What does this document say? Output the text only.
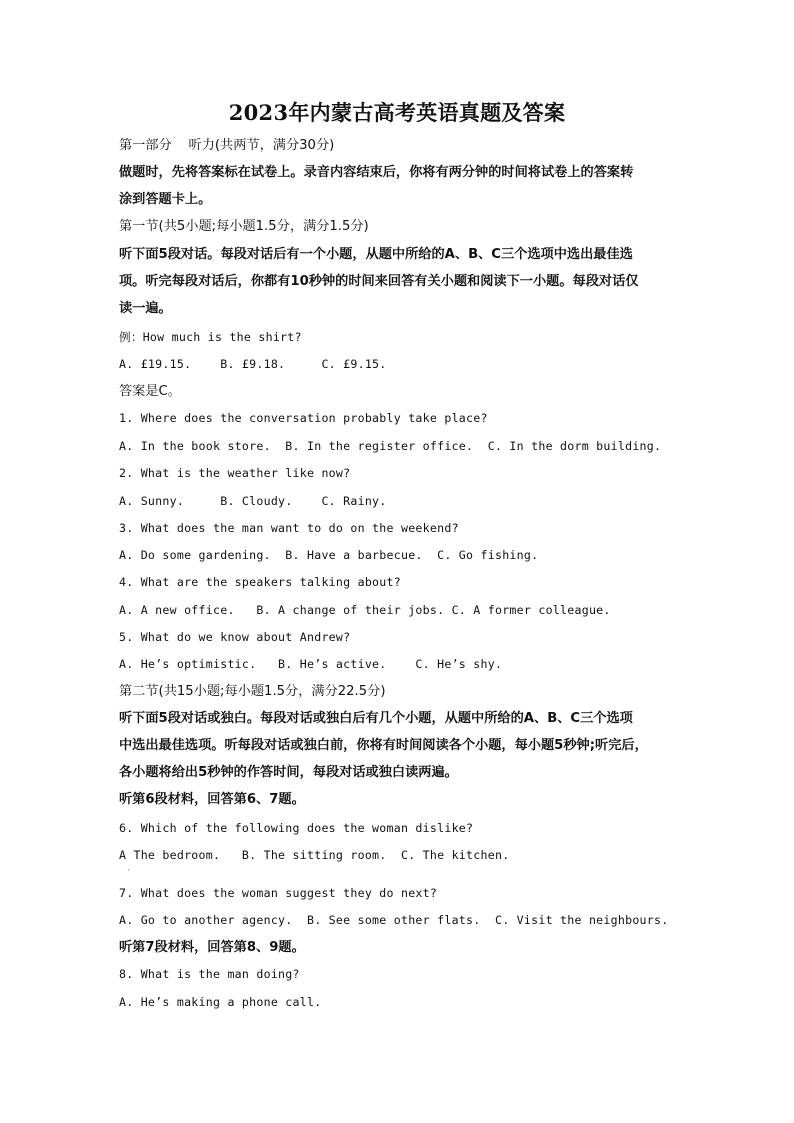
2023年内蒙古高考英语真题及答案
第一部分    听力(共两节，满分30分)
做题时，先将答案标在试卷上。录音内容结束后，你将有两分钟的时间将试卷上的答案转
涂到答题卡上。
第一节(共5小题;每小题1.5分，满分1.5分)
听下面5段对话。每段对话后有一个小题，从题中所给的A、B、C三个选项中选出最佳选
项。听完每段对话后，你都有10秒钟的时间来回答有关小题和阅读下一小题。每段对话仅
读一遍。
例：How much is the shirt?
A. £19.15.    B. £9.18.     C. £9.15.
答案是C。
1. Where does the conversation probably take place?
A. In the book store.  B. In the register office.  C. In the dorm building.
2. What is the weather like now?
A. Sunny.     B. Cloudy.    C. Rainy.
3. What does the man want to do on the weekend?
A. Do some gardening.  B. Have a barbecue.  C. Go fishing.
4. What are the speakers talking about?
A. A new office.   B. A change of their jobs. C. A former colleague.
5. What do we know about Andrew?
A. He’s optimistic.   B. He’s active.    C. He’s shy.
第二节(共15小题;每小题1.5分，满分22.5分)
听下面5段对话或独白。每段对话或独白后有几个小题，从题中所给的A、B、C三个选项
中选出最佳选项。听每段对话或独白前，你将有时间阅读各个小题，每小题5秒钟;听完后，
各小题将给出5秒钟的作答时间，每段对话或独白读两遍。
听第6段材料，回答第6、7题。
6. Which of the following does the woman dislike?
A The bedroom.   B. The sitting room.  C. The kitchen.
·
7. What does the woman suggest they do next?
A. Go to another agency.  B. See some other flats.  C. Visit the neighbours.
听第7段材料，回答第8、9题。
8. What is the man doing?
A. He’s making a phone call.
